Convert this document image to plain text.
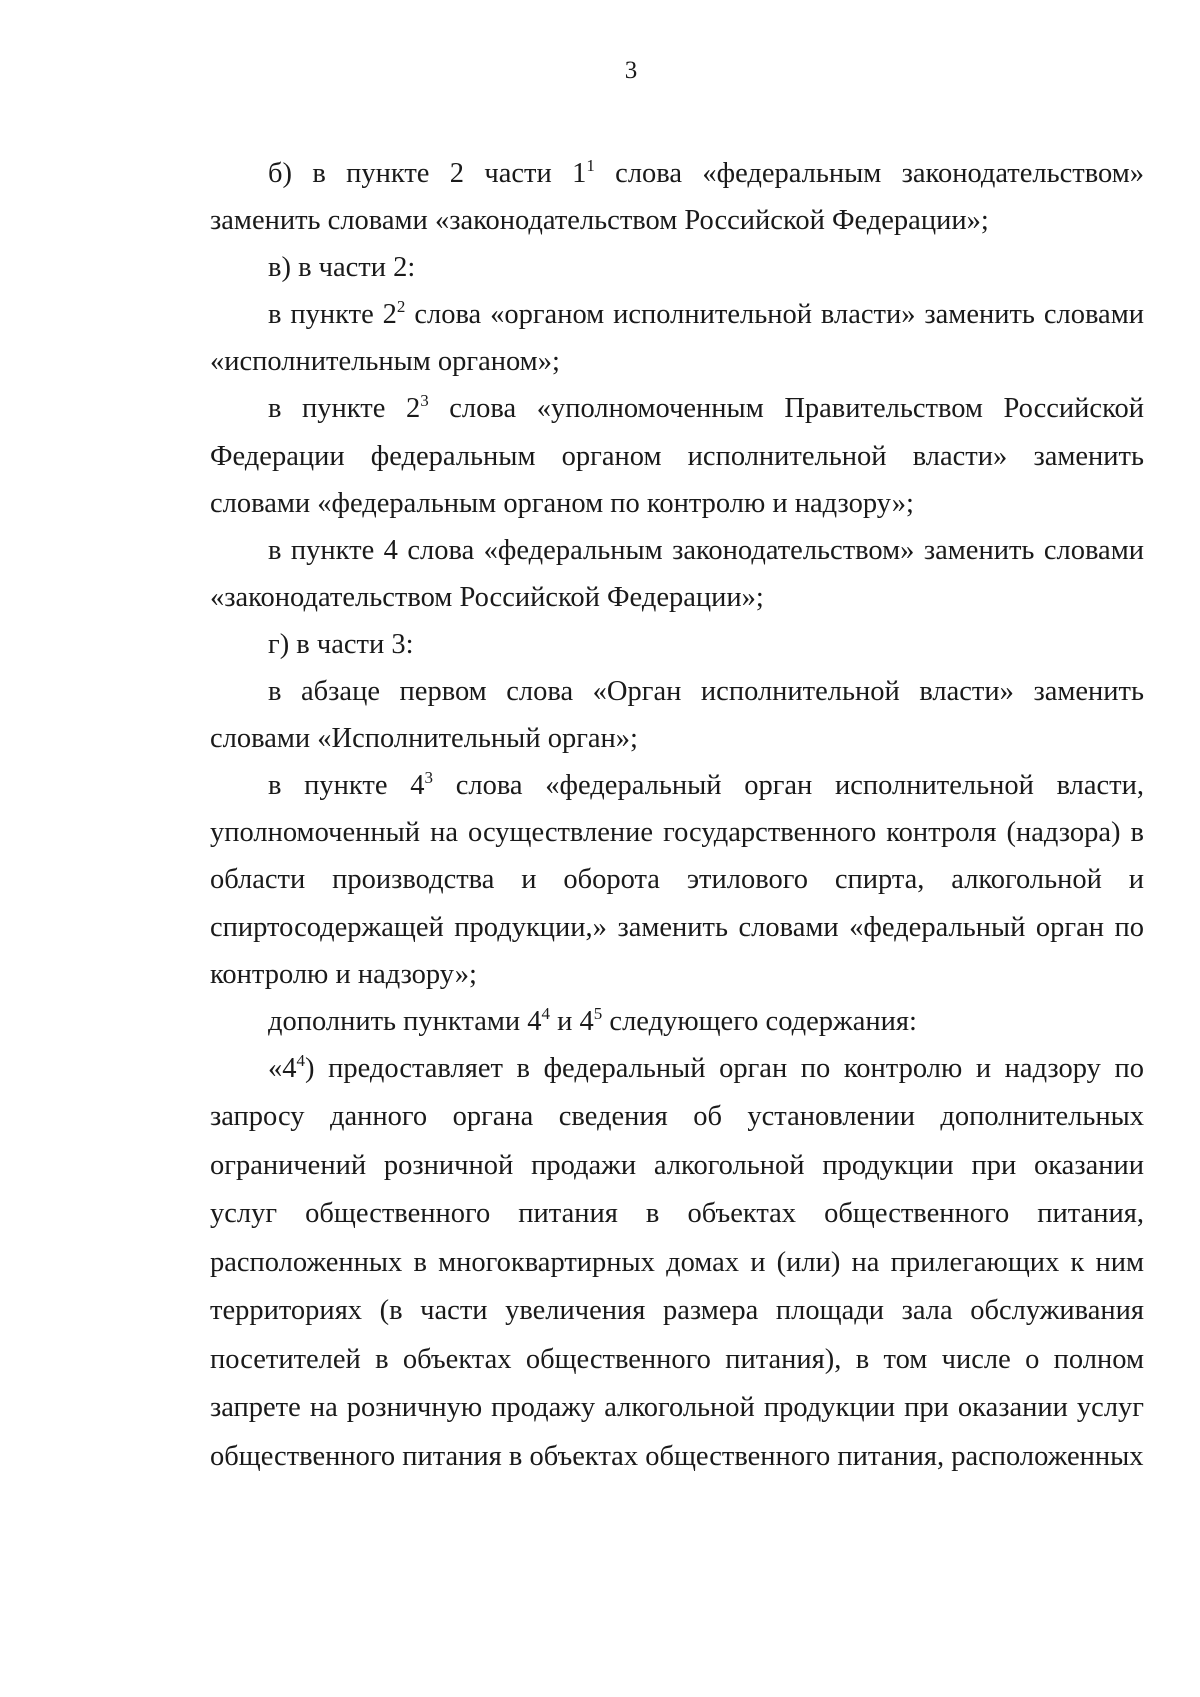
3

б) в пункте 2 части $1^1$ слова «федеральным законодательством» заменить словами «законодательством Российской Федерации»;

в) в части 2:

в пункте $2^2$ слова «органом исполнительной власти» заменить словами «исполнительным органом»;

в пункте $2^3$ слова «уполномоченным Правительством Российской Федерации федеральным органом исполнительной власти» заменить словами «федеральным органом по контролю и надзору»;

в пункте 4 слова «федеральным законодательством» заменить словами «законодательством Российской Федерации»;

г) в части 3:

в абзаце первом слова «Орган исполнительной власти» заменить словами «Исполнительный орган»;

в пункте $4^3$ слова «федеральный орган исполнительной власти, уполномоченный на осуществление государственного контроля (надзора) в области производства и оборота этилового спирта, алкогольной и спиртосодержащей продукции,» заменить словами «федеральный орган по контролю и надзору»;

дополнить пунктами $4^4$ и $4^5$ следующего содержания:

«$4^4$) предоставляет в федеральный орган по контролю и надзору по запросу данного органа сведения об установлении дополнительных ограничений розничной продажи алкогольной продукции при оказании услуг общественного питания в объектах общественного питания, расположенных в многоквартирных домах и (или) на прилегающих к ним территориях (в части увеличения размера площади зала обслуживания посетителей в объектах общественного питания), в том числе о полном запрете на розничную продажу алкогольной продукции при оказании услуг общественного питания в объектах общественного питания, расположенных
